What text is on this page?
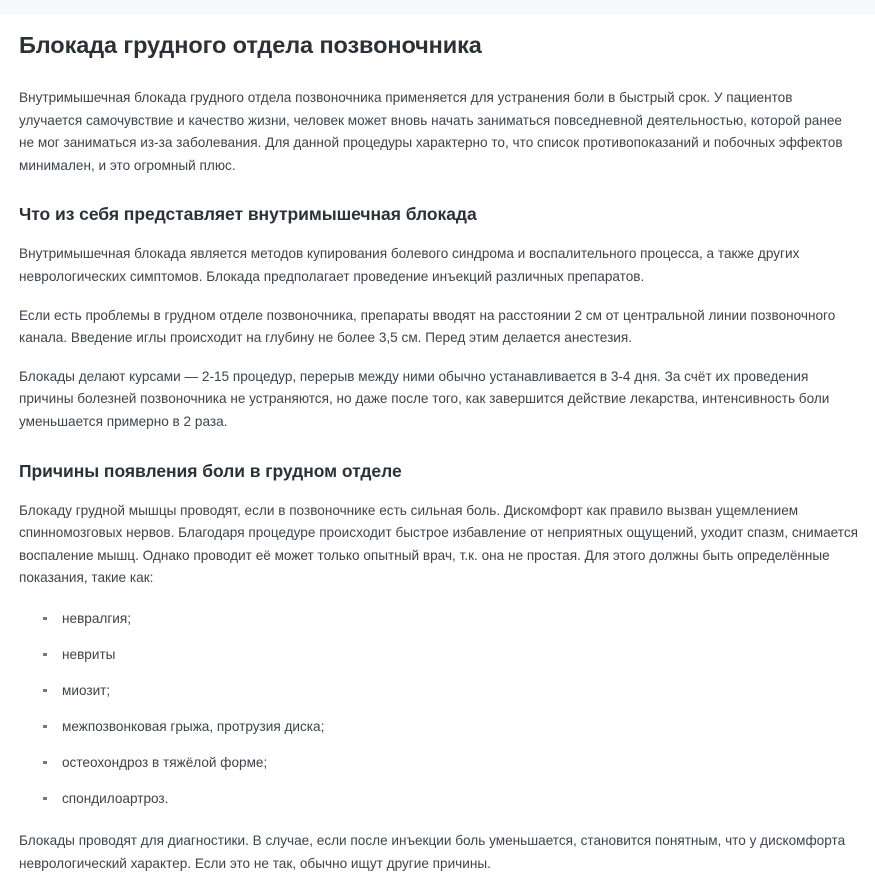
Блокада грудного отдела позвоночника

Внутримышечная блокада грудного отдела позвоночника применяется для устранения боли в быстрый срок. У пациентов улучается самочувствие и качество жизни, человек может вновь начать заниматься повседневной деятельностью, которой ранее не мог заниматься из-за заболевания. Для данной процедуры характерно то, что список противопоказаний и побочных эффектов минимален, и это огромный плюс.

Что из себя представляет внутримышечная блокада

Внутримышечная блокада является методов купирования болевого синдрома и воспалительного процесса, а также других неврологических симптомов. Блокада предполагает проведение инъекций различных препаратов.

Если есть проблемы в грудном отделе позвоночника, препараты вводят на расстоянии 2 см от центральной линии позвоночного канала. Введение иглы происходит на глубину не более 3,5 см. Перед этим делается анестезия.

Блокады делают курсами — 2-15 процедур, перерыв между ними обычно устанавливается в 3-4 дня. За счёт их проведения причины болезней позвоночника не устраняются, но даже после того, как завершится действие лекарства, интенсивность боли уменьшается примерно в 2 раза.

Причины появления боли в грудном отделе

Блокаду грудной мышцы проводят, если в позвоночнике есть сильная боль. Дискомфорт как правило вызван ущемлением спинномозговых нервов. Благодаря процедуре происходит быстрое избавление от неприятных ощущений, уходит спазм, снимается воспаление мышц. Однако проводит её может только опытный врач, т.к. она не простая. Для этого должны быть определённые показания, такие как:

невралгия;
невриты
миозит;
межпозвонковая грыжа, протрузия диска;
остеохондроз в тяжёлой форме;
спондилоартроз.

Блокады проводят для диагностики. В случае, если после инъекции боль уменьшается, становится понятным, что у дискомфорта неврологический характер. Если это не так, обычно ищут другие причины.
